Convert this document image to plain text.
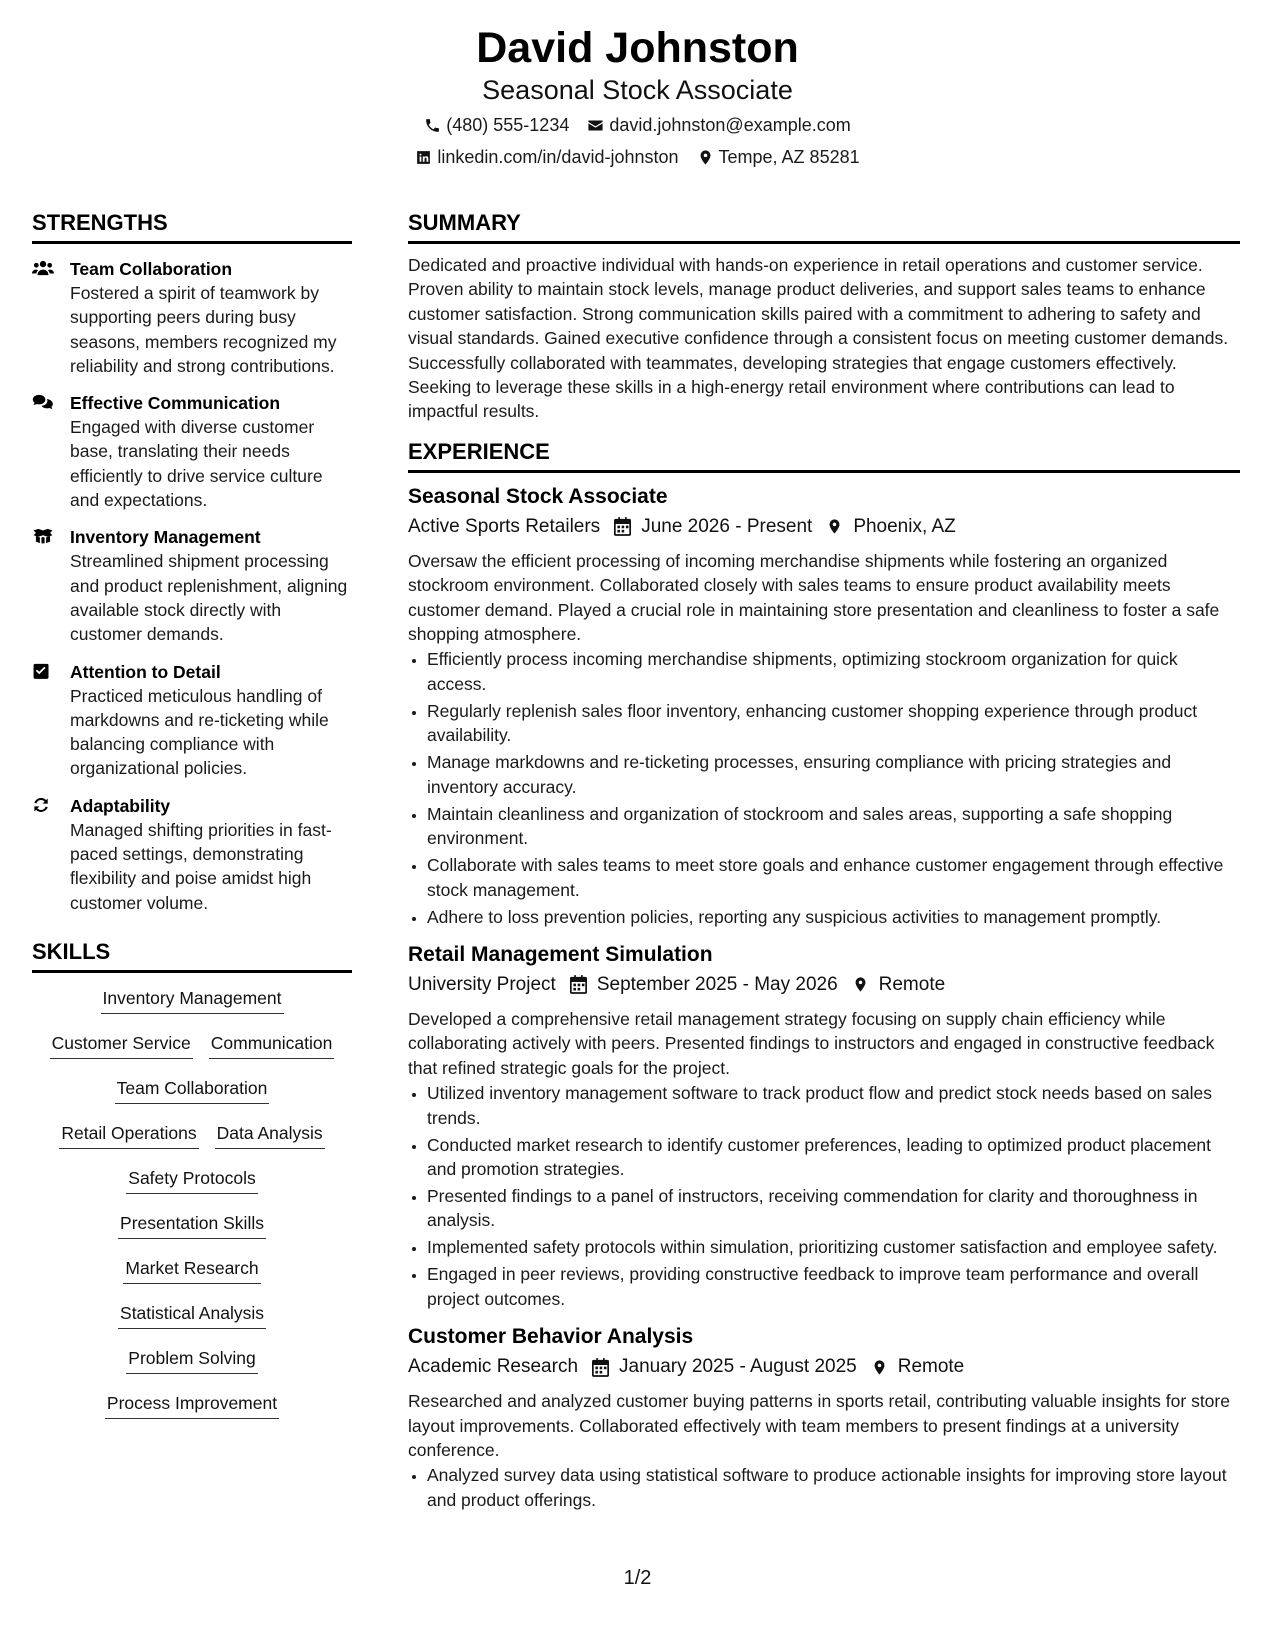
David Johnston
Seasonal Stock Associate
(480) 555-1234 david.johnston@example.com
linkedin.com/in/david-johnston Tempe, AZ 85281
STRENGTHS
Team Collaboration
Fostered a spirit of teamwork by supporting peers during busy seasons, members recognized my reliability and strong contributions.
Effective Communication
Engaged with diverse customer base, translating their needs efficiently to drive service culture and expectations.
Inventory Management
Streamlined shipment processing and product replenishment, aligning available stock directly with customer demands.
Attention to Detail
Practiced meticulous handling of markdowns and re-ticketing while balancing compliance with organizational policies.
Adaptability
Managed shifting priorities in fast-paced settings, demonstrating flexibility and poise amidst high customer volume.
SKILLS
Inventory Management
Customer Service Communication
Team Collaboration
Retail Operations Data Analysis
Safety Protocols
Presentation Skills
Market Research
Statistical Analysis
Problem Solving
Process Improvement
SUMMARY
Dedicated and proactive individual with hands-on experience in retail operations and customer service. Proven ability to maintain stock levels, manage product deliveries, and support sales teams to enhance customer satisfaction. Strong communication skills paired with a commitment to adhering to safety and visual standards. Gained executive confidence through a consistent focus on meeting customer demands. Successfully collaborated with teammates, developing strategies that engage customers effectively. Seeking to leverage these skills in a high-energy retail environment where contributions can lead to impactful results.
EXPERIENCE
Seasonal Stock Associate
Active Sports Retailers June 2026 - Present Phoenix, AZ
Oversaw the efficient processing of incoming merchandise shipments while fostering an organized stockroom environment. Collaborated closely with sales teams to ensure product availability meets customer demand. Played a crucial role in maintaining store presentation and cleanliness to foster a safe shopping atmosphere.
• Efficiently process incoming merchandise shipments, optimizing stockroom organization for quick access.
• Regularly replenish sales floor inventory, enhancing customer shopping experience through product availability.
• Manage markdowns and re-ticketing processes, ensuring compliance with pricing strategies and inventory accuracy.
• Maintain cleanliness and organization of stockroom and sales areas, supporting a safe shopping environment.
• Collaborate with sales teams to meet store goals and enhance customer engagement through effective stock management.
• Adhere to loss prevention policies, reporting any suspicious activities to management promptly.
Retail Management Simulation
University Project September 2025 - May 2026 Remote
Developed a comprehensive retail management strategy focusing on supply chain efficiency while collaborating actively with peers. Presented findings to instructors and engaged in constructive feedback that refined strategic goals for the project.
• Utilized inventory management software to track product flow and predict stock needs based on sales trends.
• Conducted market research to identify customer preferences, leading to optimized product placement and promotion strategies.
• Presented findings to a panel of instructors, receiving commendation for clarity and thoroughness in analysis.
• Implemented safety protocols within simulation, prioritizing customer satisfaction and employee safety.
• Engaged in peer reviews, providing constructive feedback to improve team performance and overall project outcomes.
Customer Behavior Analysis
Academic Research January 2025 - August 2025 Remote
Researched and analyzed customer buying patterns in sports retail, contributing valuable insights for store layout improvements. Collaborated effectively with team members to present findings at a university conference.
• Analyzed survey data using statistical software to produce actionable insights for improving store layout and product offerings.
1/2
